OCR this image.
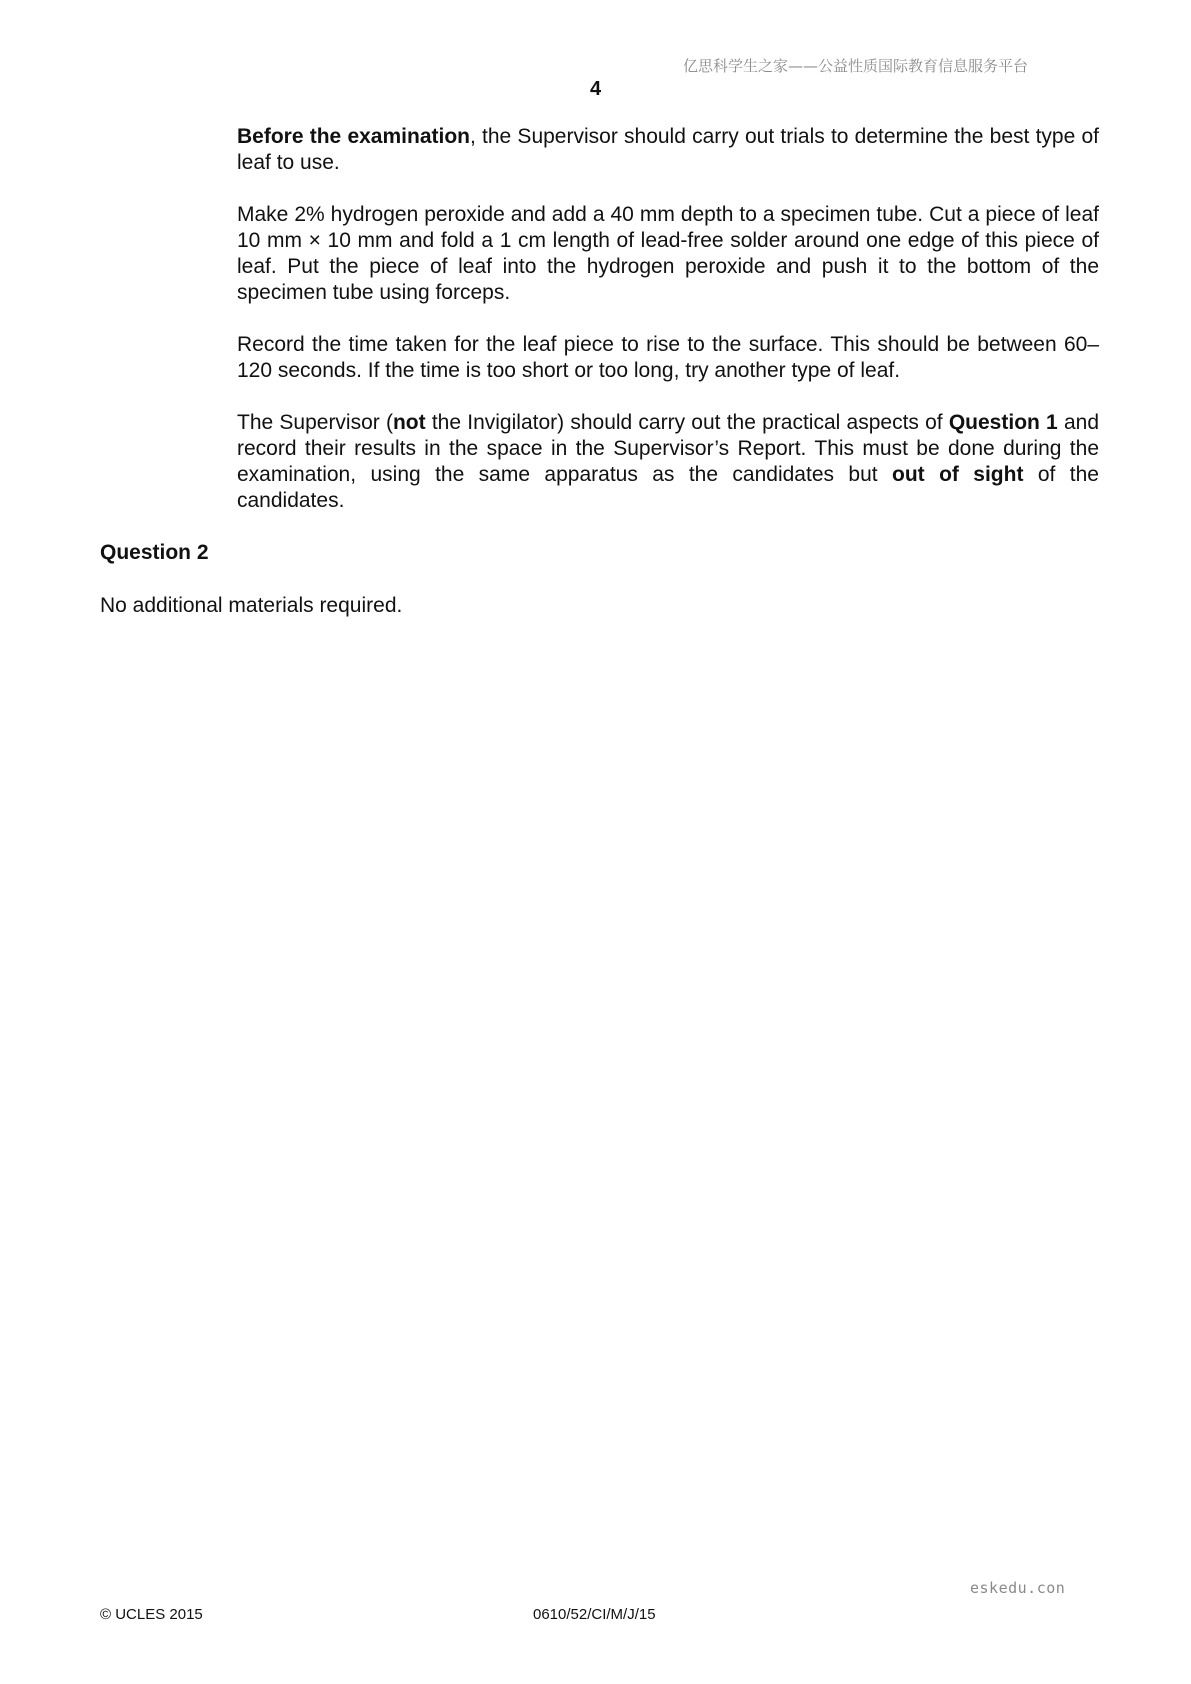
亿思科学生之家——公益性质国际教育信息服务平台
4

Before the examination, the Supervisor should carry out trials to determine the best type of leaf to use.

Make 2% hydrogen peroxide and add a 40 mm depth to a specimen tube. Cut a piece of leaf 10 mm × 10 mm and fold a 1 cm length of lead-free solder around one edge of this piece of leaf. Put the piece of leaf into the hydrogen peroxide and push it to the bottom of the specimen tube using forceps.

Record the time taken for the leaf piece to rise to the surface. This should be between 60–120 seconds. If the time is too short or too long, try another type of leaf.

The Supervisor (not the Invigilator) should carry out the practical aspects of Question 1 and record their results in the space in the Supervisor’s Report. This must be done during the examination, using the same apparatus as the candidates but out of sight of the candidates.

Question 2

No additional materials required.

eskedu.con
© UCLES 2015	0610/52/CI/M/J/15
